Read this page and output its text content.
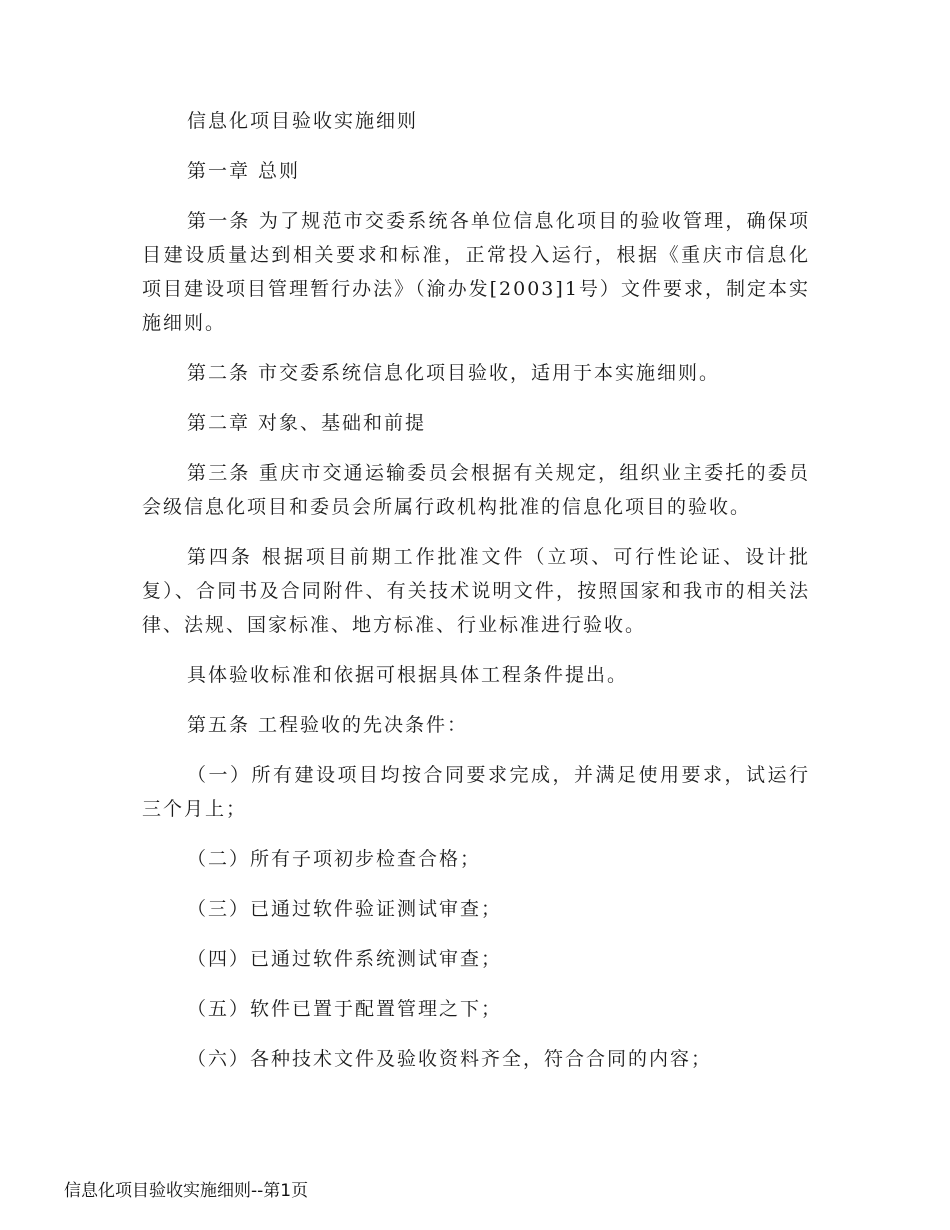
信息化项目验收实施细则

第一章 总则

第一条 为了规范市交委系统各单位信息化项目的验收管理，确保项目建设质量达到相关要求和标准，正常投入运行，根据《重庆市信息化项目建设项目管理暂行办法》（渝办发[2003]1号）文件要求，制定本实施细则。

第二条 市交委系统信息化项目验收，适用于本实施细则。

第二章 对象、基础和前提

第三条 重庆市交通运输委员会根据有关规定，组织业主委托的委员会级信息化项目和委员会所属行政机构批准的信息化项目的验收。

第四条 根据项目前期工作批准文件（立项、可行性论证、设计批复）、合同书及合同附件、有关技术说明文件，按照国家和我市的相关法律、法规、国家标准、地方标准、行业标准进行验收。

具体验收标准和依据可根据具体工程条件提出。

第五条 工程验收的先决条件：

（一）所有建设项目均按合同要求完成，并满足使用要求，试运行三个月上；

（二）所有子项初步检查合格；

（三）已通过软件验证测试审查；

（四）已通过软件系统测试审查；

（五）软件已置于配置管理之下；

（六）各种技术文件及验收资料齐全，符合合同的内容；

信息化项目验收实施细则--第1页
